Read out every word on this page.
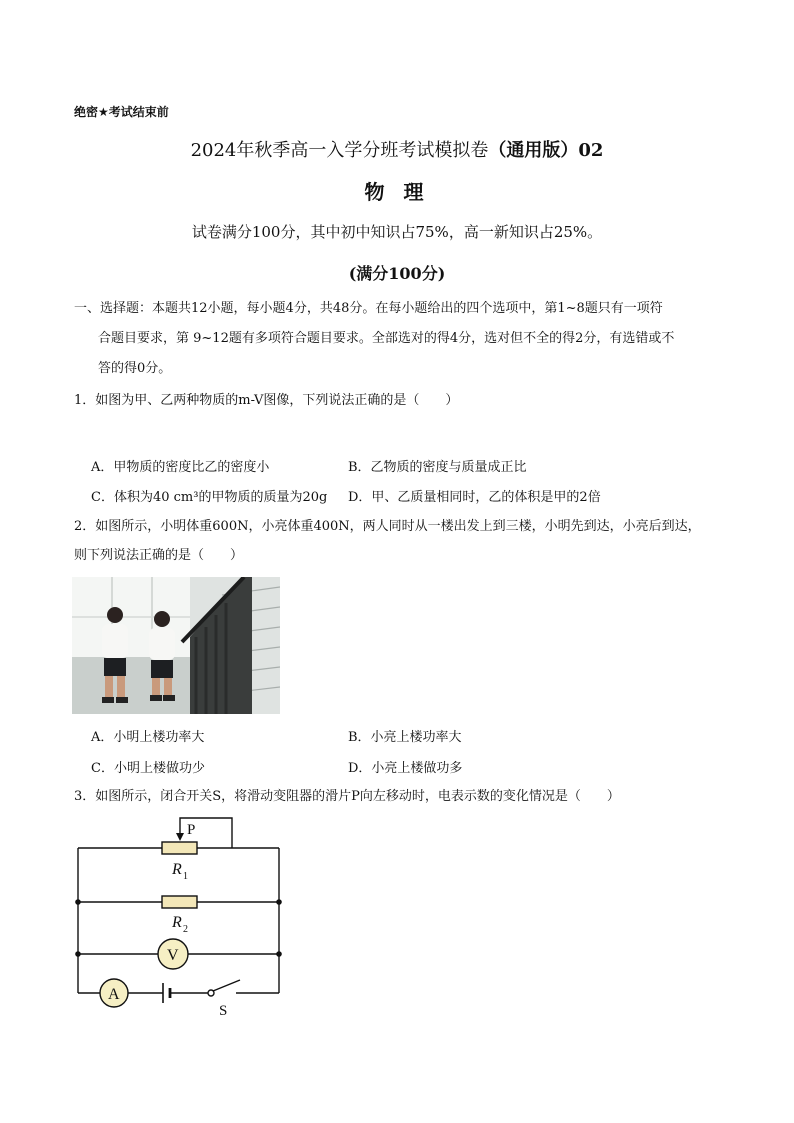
绝密★考试结束前
2024年秋季高一入学分班考试模拟卷（通用版）02
物 理
试卷满分100分，其中初中知识占75%，高一新知识占25%。
(满分100分)
一、选择题：本题共12小题，每小题4分，共48分。在每小题给出的四个选项中，第1~8题只有一项符
合题目要求，第 9~12题有多项符合题目要求。全部选对的得4分，选对但不全的得2分，有选错或不
答的得0分。
1．如图为甲、乙两种物质的m-V图像，下列说法正确的是（　　）
A．甲物质的密度比乙的密度小	B．乙物质的密度与质量成正比
C．体积为40 cm³的甲物质的质量为20g D．甲、乙质量相同时，乙的体积是甲的2倍
2．如图所示，小明体重600N，小亮体重400N，两人同时从一楼出发上到三楼，小明先到达，小亮后到达，
则下列说法正确的是（　　）
A．小明上楼功率大	B．小亮上楼功率大
C．小明上楼做功少	D．小亮上楼做功多
3．如图所示，闭合开关S，将滑动变阻器的滑片P向左移动时，电表示数的变化情况是（　　）
P
R 1
R 2
V
A
S
